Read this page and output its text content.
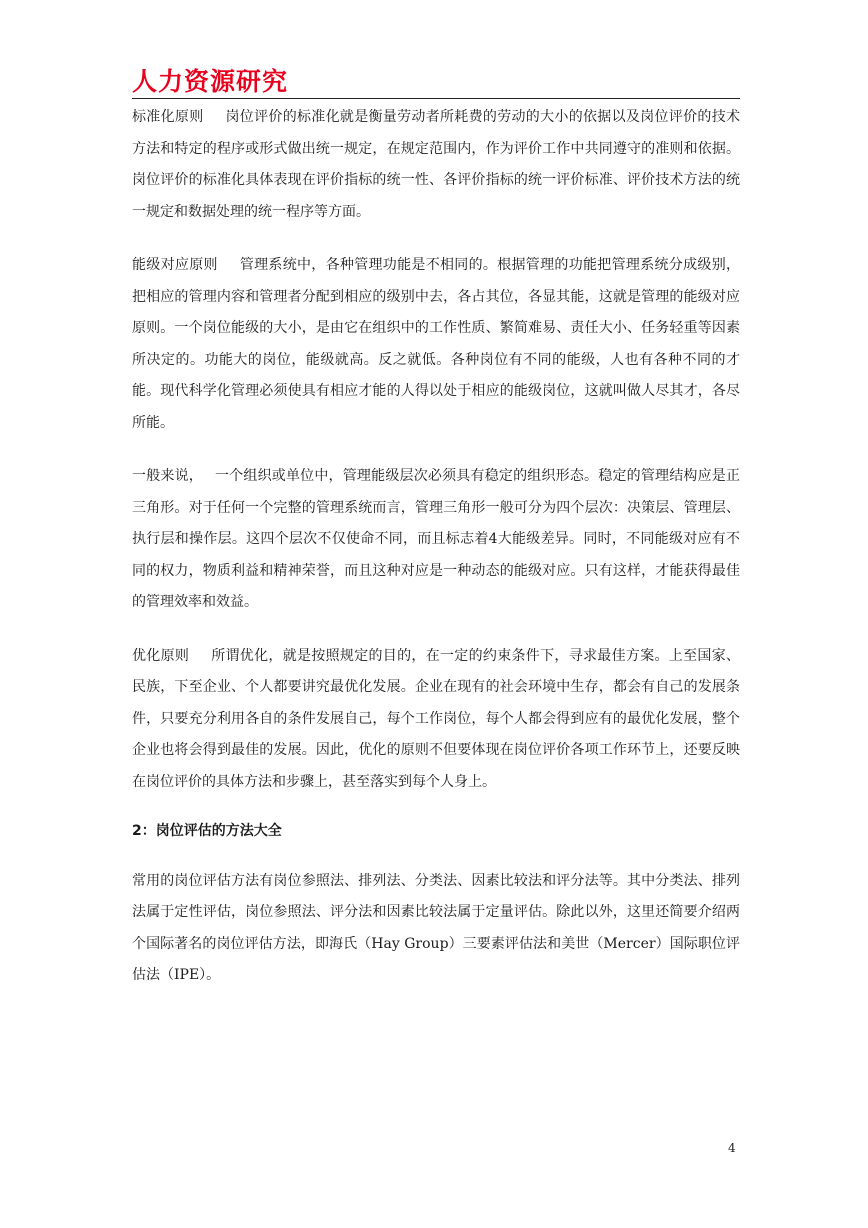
人力资源研究

标准化原则 岗位评价的标准化就是衡量劳动者所耗费的劳动的大小的依据以及岗位评价的技术方法和特定的程序或形式做出统一规定，在规定范围内，作为评价工作中共同遵守的准则和依据。岗位评价的标准化具体表现在评价指标的统一性、各评价指标的统一评价标准、评价技术方法的统一规定和数据处理的统一程序等方面。

能级对应原则 管理系统中，各种管理功能是不相同的。根据管理的功能把管理系统分成级别，把相应的管理内容和管理者分配到相应的级别中去，各占其位，各显其能，这就是管理的能级对应原则。一个岗位能级的大小，是由它在组织中的工作性质、繁简难易、责任大小、任务轻重等因素所决定的。功能大的岗位，能级就高。反之就低。各种岗位有不同的能级，人也有各种不同的才能。现代科学化管理必须使具有相应才能的人得以处于相应的能级岗位，这就叫做人尽其才，各尽所能。

一般来说， 一个组织或单位中，管理能级层次必须具有稳定的组织形态。稳定的管理结构应是正三角形。对于任何一个完整的管理系统而言，管理三角形一般可分为四个层次：决策层、管理层、执行层和操作层。这四个层次不仅使命不同，而且标志着4大能级差异。同时，不同能级对应有不同的权力，物质利益和精神荣誉，而且这种对应是一种动态的能级对应。只有这样，才能获得最佳的管理效率和效益。

优化原则 所谓优化，就是按照规定的目的，在一定的约束条件下，寻求最佳方案。上至国家、民族，下至企业、个人都要讲究最优化发展。企业在现有的社会环境中生存，都会有自己的发展条件，只要充分利用各自的条件发展自己，每个工作岗位，每个人都会得到应有的最优化发展，整个企业也将会得到最佳的发展。因此，优化的原则不但要体现在岗位评价各项工作环节上，还要反映在岗位评价的具体方法和步骤上，甚至落实到每个人身上。

2：岗位评估的方法大全

常用的岗位评估方法有岗位参照法、排列法、分类法、因素比较法和评分法等。其中分类法、排列法属于定性评估，岗位参照法、评分法和因素比较法属于定量评估。除此以外，这里还简要介绍两个国际著名的岗位评估方法，即海氏（Hay Group）三要素评估法和美世（Mercer）国际职位评估法（IPE）。

4
